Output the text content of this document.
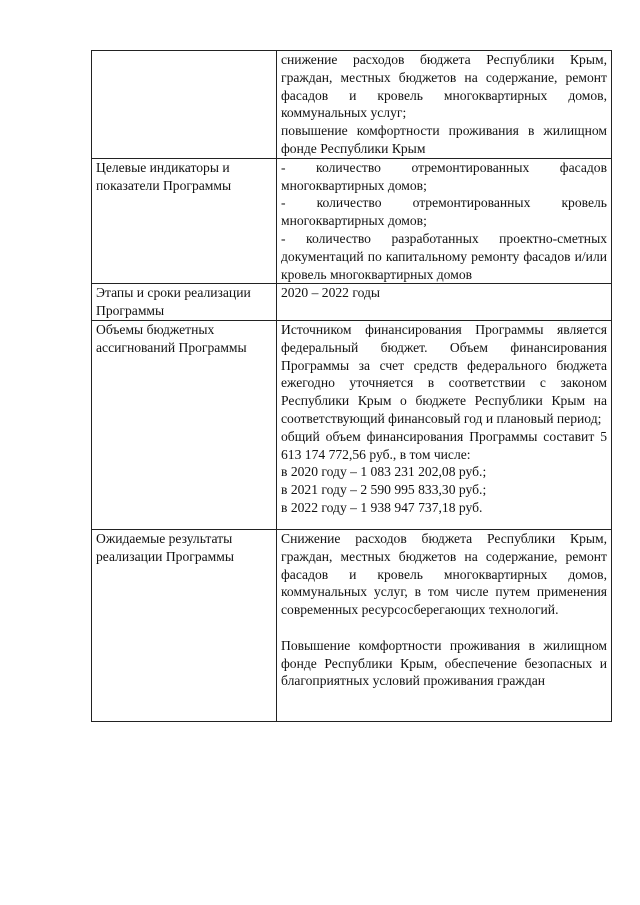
	снижение расходов бюджета Республики Крым, граждан, местных бюджетов на содержание, ремонт фасадов и кровель многоквартирных домов, коммунальных услуг;

повышение комфортности проживания в жилищном фонде Республики Крым

Целевые индикаторы и показатели Программы	- количество отремонтированных фасадов многоквартирных домов;

- количество отремонтированных кровель многоквартирных домов;

- количество разработанных проектно-сметных документаций по капитальному ремонту фасадов и/или кровель многоквартирных домов

Этапы и сроки реализации Программы	2020 – 2022 годы

Объемы бюджетных ассигнований Программы	Источником финансирования Программы является федеральный бюджет. Объем финансирования Программы за счет средств федерального бюджета ежегодно уточняется в соответствии с законом Республики Крым о бюджете Республики Крым на соответствующий финансовый год и плановый период;

общий объем финансирования Программы составит 5 613 174 772,56 руб., в том числе:

в 2020 году – 1 083 231 202,08 руб.;

в 2021 году – 2 590 995 833,30 руб.;

в 2022 году – 1 938 947 737,18 руб.

Ожидаемые результаты реализации Программы	Снижение расходов бюджета Республики Крым, граждан, местных бюджетов на содержание, ремонт фасадов и кровель многоквартирных домов, коммунальных услуг, в том числе путем применения современных ресурсосберегающих технологий.

Повышение комфортности проживания в жилищном фонде Республики Крым, обеспечение безопасных и благоприятных условий проживания граждан
